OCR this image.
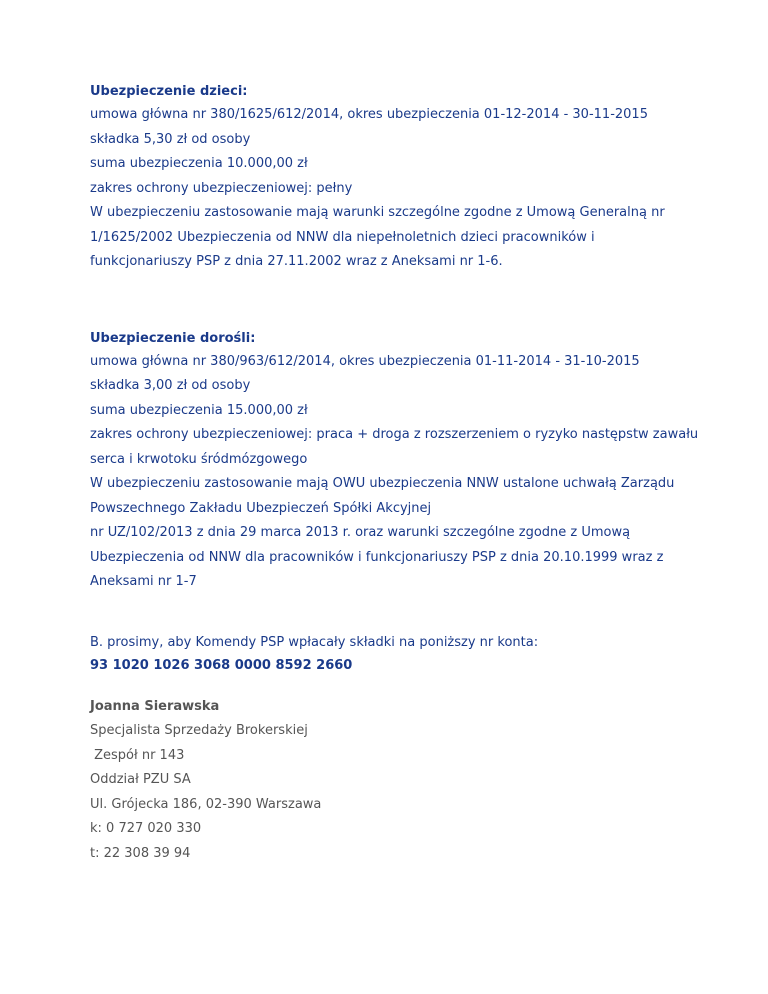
Ubezpieczenie dzieci:
umowa główna nr 380/1625/612/2014, okres ubezpieczenia 01-12-2014 - 30-11-2015
składka 5,30 zł od osoby
suma ubezpieczenia 10.000,00 zł
zakres ochrony ubezpieczeniowej: pełny
W ubezpieczeniu zastosowanie mają warunki szczególne zgodne z Umową Generalną nr
1/1625/2002 Ubezpieczenia od NNW dla niepełnoletnich dzieci pracowników i
funkcjonariuszy PSP z dnia 27.11.2002 wraz z Aneksami nr 1-6.
Ubezpieczenie dorośli:
umowa główna nr 380/963/612/2014, okres ubezpieczenia 01-11-2014 - 31-10-2015
składka 3,00 zł od osoby
suma ubezpieczenia 15.000,00 zł
zakres ochrony ubezpieczeniowej: praca + droga z rozszerzeniem o ryzyko następstw zawału
serca i krwotoku śródmózgowego
W ubezpieczeniu zastosowanie mają OWU ubezpieczenia NNW ustalone uchwałą Zarządu
Powszechnego Zakładu Ubezpieczeń Spółki Akcyjnej
nr UZ/102/2013 z dnia 29 marca 2013 r. oraz warunki szczególne zgodne z Umową
Ubezpieczenia od NNW dla pracowników i funkcjonariuszy PSP z dnia 20.10.1999 wraz z
Aneksami nr 1-7
B. prosimy, aby Komendy PSP wpłacały składki na poniższy nr konta:
93 1020 1026 3068 0000 8592 2660
Joanna Sierawska
Specjalista Sprzedaży Brokerskiej
Zespół nr 143
Oddział PZU SA
Ul. Grójecka 186, 02-390 Warszawa
k: 0 727 020 330
t: 22 308 39 94
